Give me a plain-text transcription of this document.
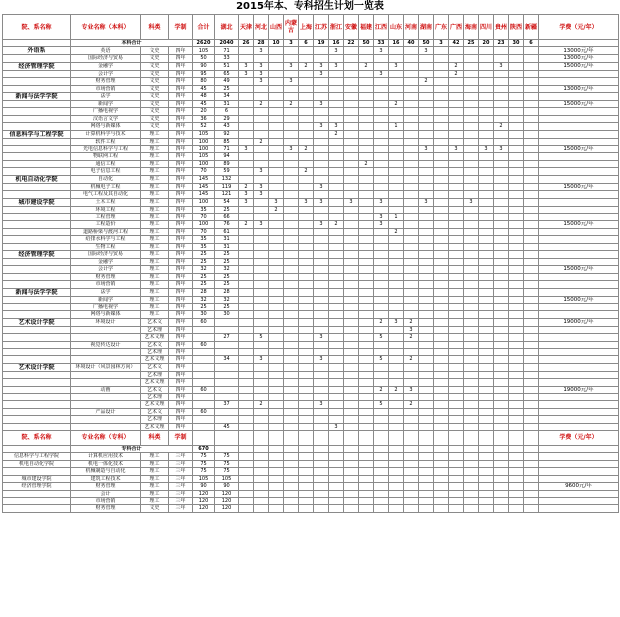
2015年本、专科招生计划一览表
院、系名称	专业名称（本科）	科类	学制	合计	湖北	天津	河北	山西	内蒙古	上海	江苏	浙江	安徽	福建	江西	山东	河南	湖南	广东	广西	海南	四川	贵州	陕西	新疆	学费（元/年）
	本科合计			2620	2040	26	28	10	3	6	19	16	22	50	33	16	40	50	3	42	25	20	23	30	6	
外语系	英语	文史	四年	105	71		3					3			3			3								13000元/年
	国际经济与贸易	文史	四年	50	33																					13000元/年
经济管理学院	金融学	文史	四年	90	51	3	3		3	2	3	3		2		3				2			3			15000元/年
	会计学	文史	四年	95	65	3	3				3				3					2						
	财务管理	文史	四年	80	49		3		3									2								
	市场营销	文史	四年	45	25																					13000元/年
新闻与法学学院	法学	文史	四年	48	34																					
	新闻学	文史	四年	45	31		2		2		3					2										15000元/年
	广播电视学	文史	四年	20	6																					
	汉语言文学	文史	四年	36	29																					
	网络与新媒体	文史	四年	52	43						3	3				1							2			
信息科学与工程学院	计算机科学与技术	理工	四年	105	92							2														
	软件工程	理工	四年	100	85		2																			
	光电信息科学与工程	理工	四年	100	71	3			3	2								3		3		3	3			15000元/年
	物联网工程	理工	四年	105	94																					
	通信工程	理工	四年	100	89									2												
	电子信息工程	理工	四年	70	59		3			2																
机电自动化学院	自动化	理工	四年	145	132																					
	机械电子工程	理工	四年	145	119	2	3				3															15000元/年
	电气工程及其自动化	理工	四年	145	121	3	3																			
城市建设学院	土木工程	理工	四年	100	54	3		3		3	3		3		3			3			3					
	环境工程	理工	四年	35	25			2																		
	工程管理	理工	四年	70	66										3	1										
	工程造价	理工	四年	100	76	2	3				3	2			3											15000元/年
	道路桥梁与渡河工程	理工	四年	70	61											2										
	给排水科学与工程	理工	四年	35	31																					
	生物工程	理工	四年	35	31																					
经济管理学院	国际经济与贸易	理工	四年	25	25																					
	金融学	理工	四年	25	25																					
	会计学	理工	四年	32	32																					15000元/年
	财务管理	理工	四年	25	25																					
	市场营销	理工	四年	25	25																					
新闻与法学学院	法学	理工	四年	28	28																					
	新闻学	理工	四年	32	32																					15000元/年
	广播电视学	理工	四年	25	25																					
	网络与新媒体	理工	四年	30	30																					
艺术设计学院	环境设计	艺术文	四年	60											2	3	2									19000元/年
		艺术理	四年														3									
		艺术文理	四年		27		5				3				5		2									
	视觉传达设计	艺术文	四年	60																						
		艺术理	四年																							
		艺术文理	四年		34		3				3				5		2									
艺术设计学院	环境设计（风景园林方向）	艺术文	四年																							
		艺术理	四年																							
		艺术文理	四年																							
	动画	艺术文	四年	60											2	2	3									19000元/年
		艺术理	四年																							
		艺术文理	四年		37		2				3				5		2									
	产品设计	艺术文	四年	60																						
		艺术理	四年																							
		艺术文理	四年		45							3														
院、系名称	专业名称（专科）	科类	学制																							学费（元/年）
	专科合计			670																						
信息科学与工程学院	计算机应用技术	理工	三年	75	75																					
机电自动化学院	机电一体化技术	理工	三年	75	75																					
	机械制造与自动化	理工	三年	75	75																					
城市建设学院	建筑工程技术	理工	三年	105	105																					
经济管理学院	财务管理	理工	三年	90	90																					9600元/年
	会计	理工	三年	120	120																					
	市场营销	理工	三年	120	120																					
	财务管理	文史	三年	120	120																					
